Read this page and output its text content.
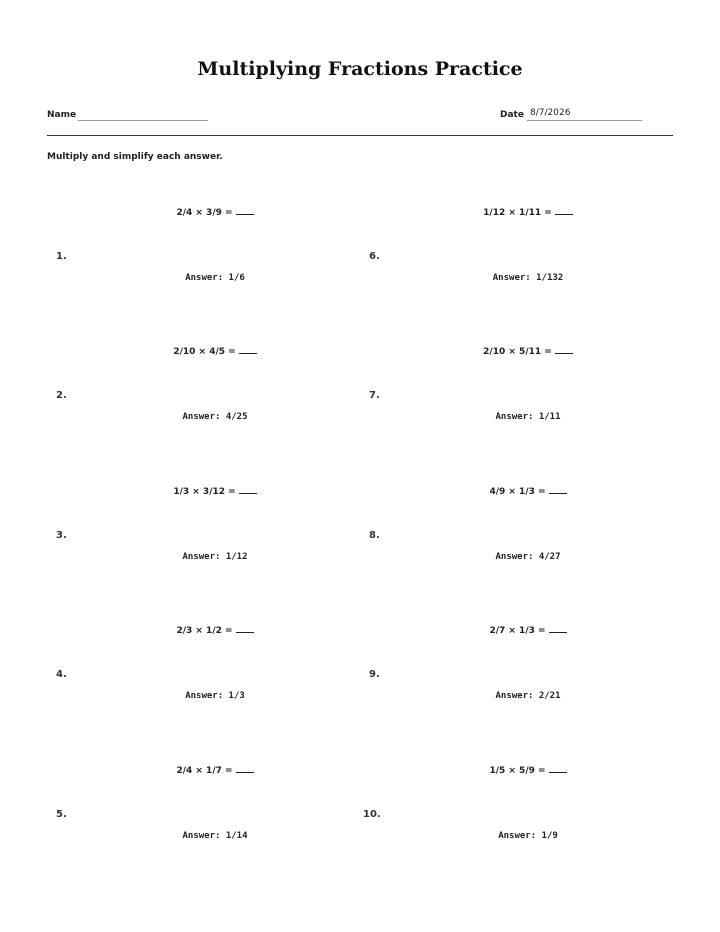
Multiplying Fractions Practice
Name	Date 8/7/2026
Multiply and simplify each answer.
2/4 × 3/9 =
1.
Answer: 1/6
2/10 × 4/5 =
2.
Answer: 4/25
1/3 × 3/12 =
3.
Answer: 1/12
2/3 × 1/2 =
4.
Answer: 1/3
2/4 × 1/7 =
5.
Answer: 1/14
1/12 × 1/11 =
6.
Answer: 1/132
2/10 × 5/11 =
7.
Answer: 1/11
4/9 × 1/3 =
8.
Answer: 4/27
2/7 × 1/3 =
9.
Answer: 2/21
1/5 × 5/9 =
10.
Answer: 1/9
